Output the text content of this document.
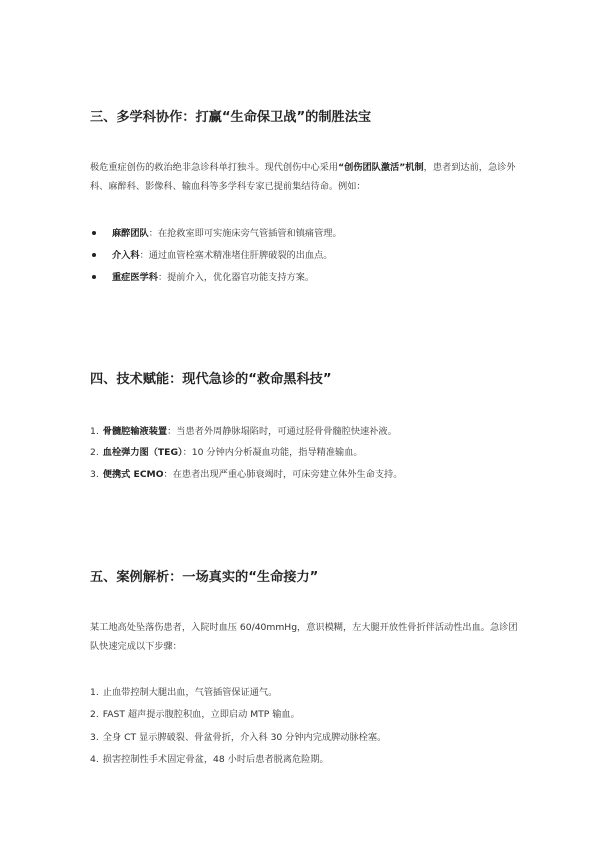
三、多学科协作：打赢“生命保卫战”的制胜法宝

极危重症创伤的救治绝非急诊科单打独斗。现代创伤中心采用“创伤团队激活”机制，患者到达前，急诊外科、麻醉科、影像科、输血科等多学科专家已提前集结待命。例如：

麻醉团队：在抢救室即可实施床旁气管插管和镇痛管理。
介入科：通过血管栓塞术精准堵住肝脾破裂的出血点。
重症医学科：提前介入，优化器官功能支持方案。
四、技术赋能：现代急诊的“救命黑科技”
1. 骨髓腔输液装置：当患者外周静脉塌陷时，可通过胫骨骨髓腔快速补液。
2. 血栓弹力图（TEG）：10 分钟内分析凝血功能，指导精准输血。
3. 便携式 ECMO：在患者出现严重心肺衰竭时，可床旁建立体外生命支持。
五、案例解析：一场真实的“生命接力”

某工地高处坠落伤患者，入院时血压 60/40mmHg，意识模糊，左大腿开放性骨折伴活动性出血。急诊团队快速完成以下步骤：

1. 止血带控制大腿出血，气管插管保证通气。
2. FAST 超声提示腹腔积血，立即启动 MTP 输血。
3. 全身 CT 显示脾破裂、骨盆骨折，介入科 30 分钟内完成脾动脉栓塞。
4. 损害控制性手术固定骨盆，48 小时后患者脱离危险期。
